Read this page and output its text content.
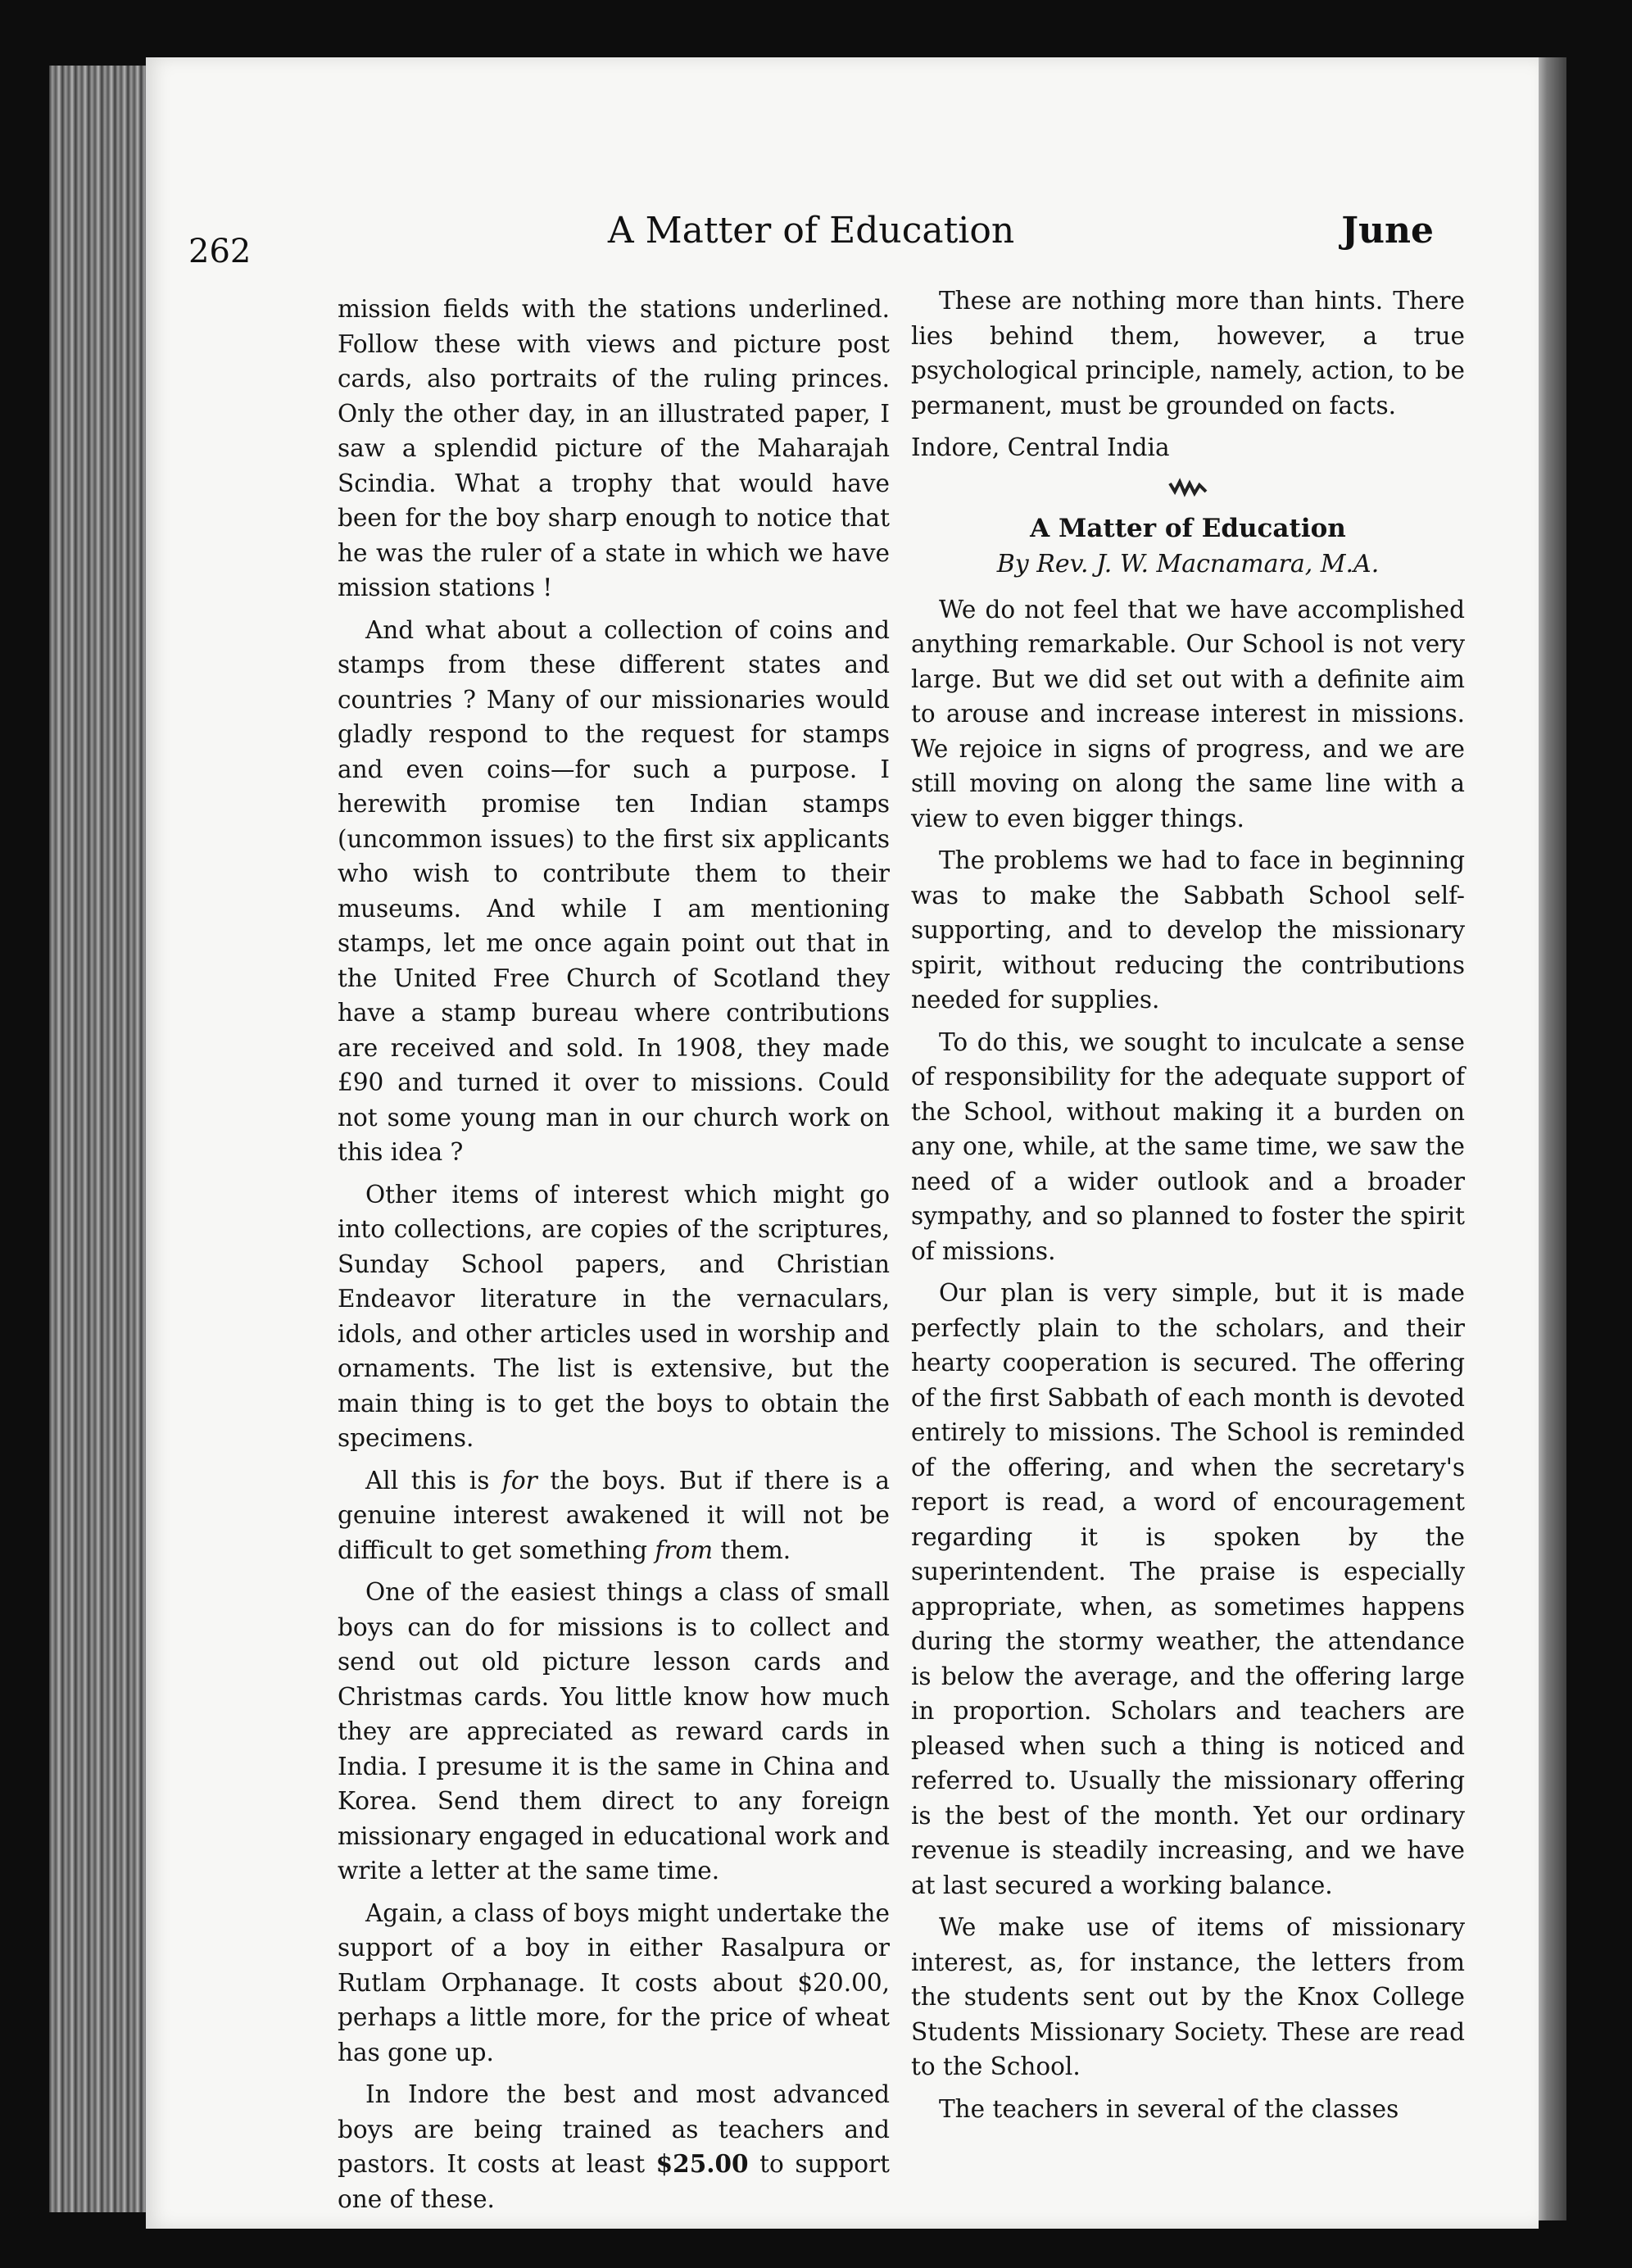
262	A Matter of Education	June

mission fields with the stations underlined. Follow these with views and picture post cards, also portraits of the ruling princes. Only the other day, in an illustrated paper, I saw a splendid picture of the Maharajah Scindia. What a trophy that would have been for the boy sharp enough to notice that he was the ruler of a state in which we have mission stations !

And what about a collection of coins and stamps from these different states and countries ? Many of our missionaries would gladly respond to the request for stamps and even coins—for such a purpose. I herewith promise ten Indian stamps (uncommon issues) to the first six applicants who wish to contribute them to their museums. And while I am mentioning stamps, let me once again point out that in the United Free Church of Scotland they have a stamp bureau where contributions are received and sold. In 1908, they made £90 and turned it over to missions. Could not some young man in our church work on this idea ?

Other items of interest which might go into collections, are copies of the scriptures, Sunday School papers, and Christian Endeavor literature in the vernaculars, idols, and other articles used in worship and ornaments. The list is extensive, but the main thing is to get the boys to obtain the specimens.

All this is for the boys. But if there is a genuine interest awakened it will not be difficult to get something from them.

One of the easiest things a class of small boys can do for missions is to collect and send out old picture lesson cards and Christmas cards. You little know how much they are appreciated as reward cards in India. I presume it is the same in China and Korea. Send them direct to any foreign missionary engaged in educational work and write a letter at the same time.

Again, a class of boys might undertake the support of a boy in either Rasalpura or Rutlam Orphanage. It costs about $20.00, perhaps a little more, for the price of wheat has gone up.

In Indore the best and most advanced boys are being trained as teachers and pastors. It costs at least $25.00 to support one of these.

These are nothing more than hints. There lies behind them, however, a true psychological principle, namely, action, to be permanent, must be grounded on facts.

Indore, Central India

A Matter of Education
By Rev. J. W. Macnamara, M.A.

We do not feel that we have accomplished anything remarkable. Our School is not very large. But we did set out with a definite aim to arouse and increase interest in missions. We rejoice in signs of progress, and we are still moving on along the same line with a view to even bigger things.

The problems we had to face in beginning was to make the Sabbath School self-supporting, and to develop the missionary spirit, without reducing the contributions needed for supplies.

To do this, we sought to inculcate a sense of responsibility for the adequate support of the School, without making it a burden on any one, while, at the same time, we saw the need of a wider outlook and a broader sympathy, and so planned to foster the spirit of missions.

Our plan is very simple, but it is made perfectly plain to the scholars, and their hearty cooperation is secured. The offering of the first Sabbath of each month is devoted entirely to missions. The School is reminded of the offering, and when the secretary's report is read, a word of encouragement regarding it is spoken by the superintendent. The praise is especially appropriate, when, as sometimes happens during the stormy weather, the attendance is below the average, and the offering large in proportion. Scholars and teachers are pleased when such a thing is noticed and referred to. Usually the missionary offering is the best of the month. Yet our ordinary revenue is steadily increasing, and we have at last secured a working balance.

We make use of items of missionary interest, as, for instance, the letters from the students sent out by the Knox College Students Missionary Society. These are read to the School.

The teachers in several of the classes
